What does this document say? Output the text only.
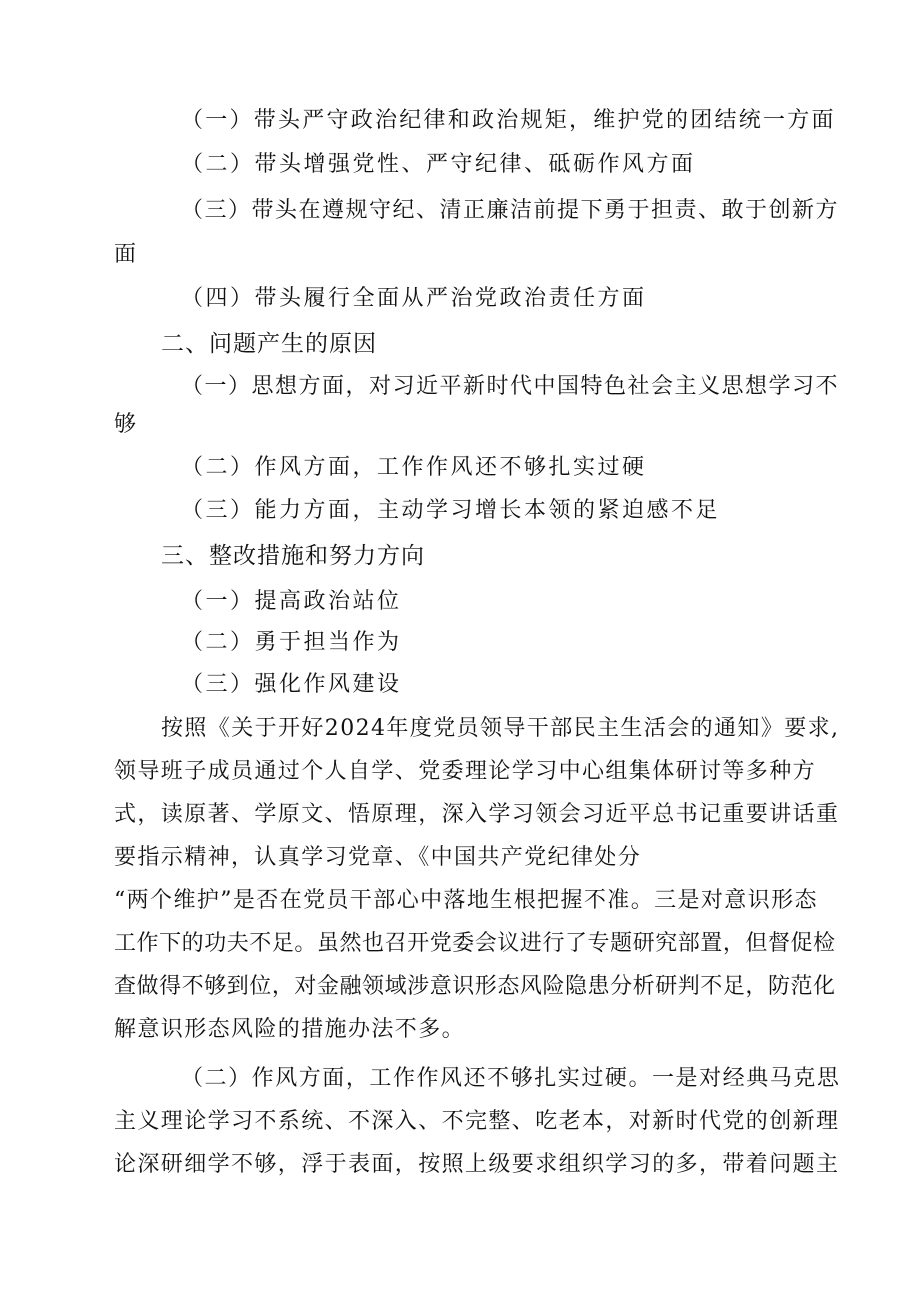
（一）带头严守政治纪律和政治规矩，维护党的团结统一方面
（二）带头增强党性、严守纪律、砥砺作风方面
（三）带头在遵规守纪、清正廉洁前提下勇于担责、敢于创新方
面
（四）带头履行全面从严治党政治责任方面
二、问题产生的原因
（一）思想方面，对习近平新时代中国特色社会主义思想学习不
够
（二）作风方面，工作作风还不够扎实过硬
（三）能力方面，主动学习增长本领的紧迫感不足
三、整改措施和努力方向
（一）提高政治站位
（二）勇于担当作为
（三）强化作风建设
按照《关于开好2024年度党员领导干部民主生活会的通知》要求,
领导班子成员通过个人自学、党委理论学习中心组集体研讨等多种方
式，读原著、学原文、悟原理，深入学习领会习近平总书记重要讲话重
要指示精神，认真学习党章、《中国共产党纪律处分
“两个维护”是否在党员干部心中落地生根把握不准。三是对意识形态
工作下的功夫不足。虽然也召开党委会议进行了专题研究部置，但督促检
查做得不够到位，对金融领域涉意识形态风险隐患分析研判不足，防范化
解意识形态风险的措施办法不多。
（二）作风方面，工作作风还不够扎实过硬。一是对经典马克思
主义理论学习不系统、不深入、不完整、吃老本，对新时代党的创新理
论深研细学不够，浮于表面，按照上级要求组织学习的多，带着问题主
